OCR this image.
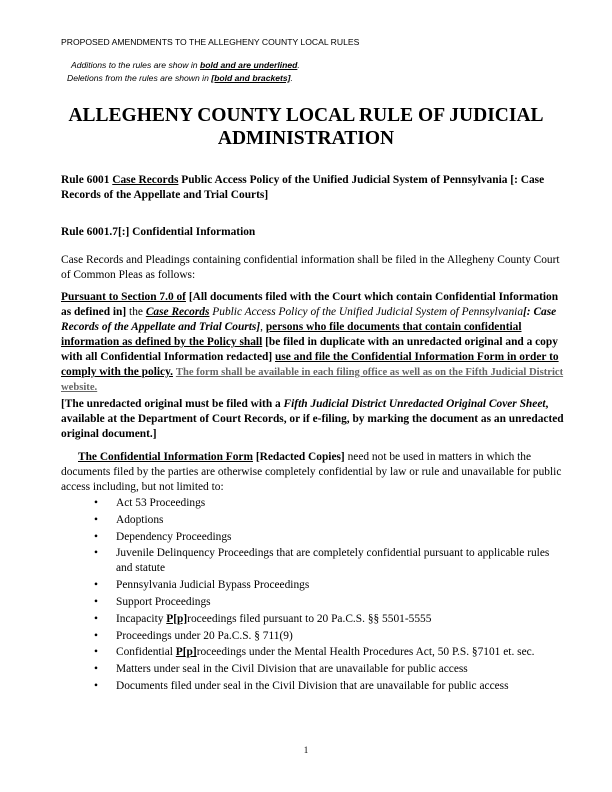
PROPOSED AMENDMENTS TO THE ALLEGHENY COUNTY LOCAL RULES
Additions to the rules are show in bold and are underlined.
Deletions from the rules are shown in [bold and brackets].
ALLEGHENY COUNTY LOCAL RULE OF JUDICIAL ADMINISTRATION
Rule 6001 Case Records Public Access Policy of the Unified Judicial System of Pennsylvania [: Case Records of the Appellate and Trial Courts]
Rule 6001.7[:] Confidential Information
Case Records and Pleadings containing confidential information shall be filed in the Allegheny County Court of Common Pleas as follows:
Pursuant to Section 7.0 of [All documents filed with the Court which contain Confidential Information as defined in] the Case Records Public Access Policy of the Unified Judicial System of Pennsylvania[: Case Records of the Appellate and Trial Courts], persons who file documents that contain confidential information as defined by the Policy shall [be filed in duplicate with an unredacted original and a copy with all Confidential Information redacted] use and file the Confidential Information Form in order to comply with the policy. The form shall be available in each filing office as well as on the Fifth Judicial District website.
[The unredacted original must be filed with a Fifth Judicial District Unredacted Original Cover Sheet, available at the Department of Court Records, or if e-filing, by marking the document as an unredacted original document.]
The Confidential Information Form [Redacted Copies] need not be used in matters in which the documents filed by the parties are otherwise completely confidential by law or rule and unavailable for public access including, but not limited to:
• Act 53 Proceedings
• Adoptions
• Dependency Proceedings
• Juvenile Delinquency Proceedings that are completely confidential pursuant to applicable rules and statute
• Pennsylvania Judicial Bypass Proceedings
• Support Proceedings
• Incapacity P[p]roceedings filed pursuant to 20 Pa.C.S. §§ 5501-5555
• Proceedings under 20 Pa.C.S. § 711(9)
• Confidential P[p]roceedings under the Mental Health Procedures Act, 50 P.S. §7101 et. sec.
• Matters under seal in the Civil Division that are unavailable for public access
• Documents filed under seal in the Civil Division that are unavailable for public access
1
